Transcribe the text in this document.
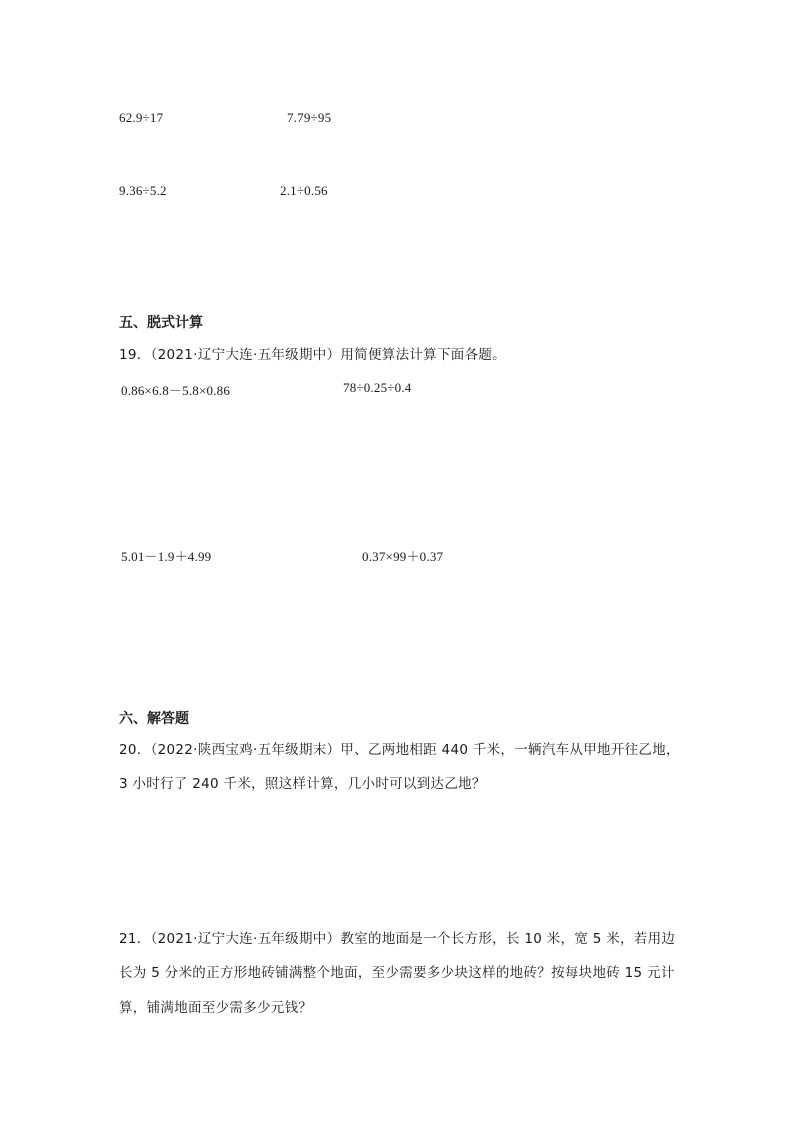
62.9÷17	7.79÷95
9.36÷5.2	2.1÷0.56
五、脱式计算
19．（2021·辽宁大连·五年级期中）用简便算法计算下面各题。
0.86×6.8－5.8×0.86	78÷0.25÷0.4
5.01－1.9＋4.99	0.37×99＋0.37
六、解答题
20．（2022·陕西宝鸡·五年级期末）甲、乙两地相距 440 千米，一辆汽车从甲地开往乙地，
3 小时行了 240 千米，照这样计算，几小时可以到达乙地？
21．（2021·辽宁大连·五年级期中）教室的地面是一个长方形，长 10 米，宽 5 米，若用边
长为 5 分米的正方形地砖铺满整个地面，至少需要多少块这样的地砖？按每块地砖 15 元计
算，铺满地面至少需多少元钱？
